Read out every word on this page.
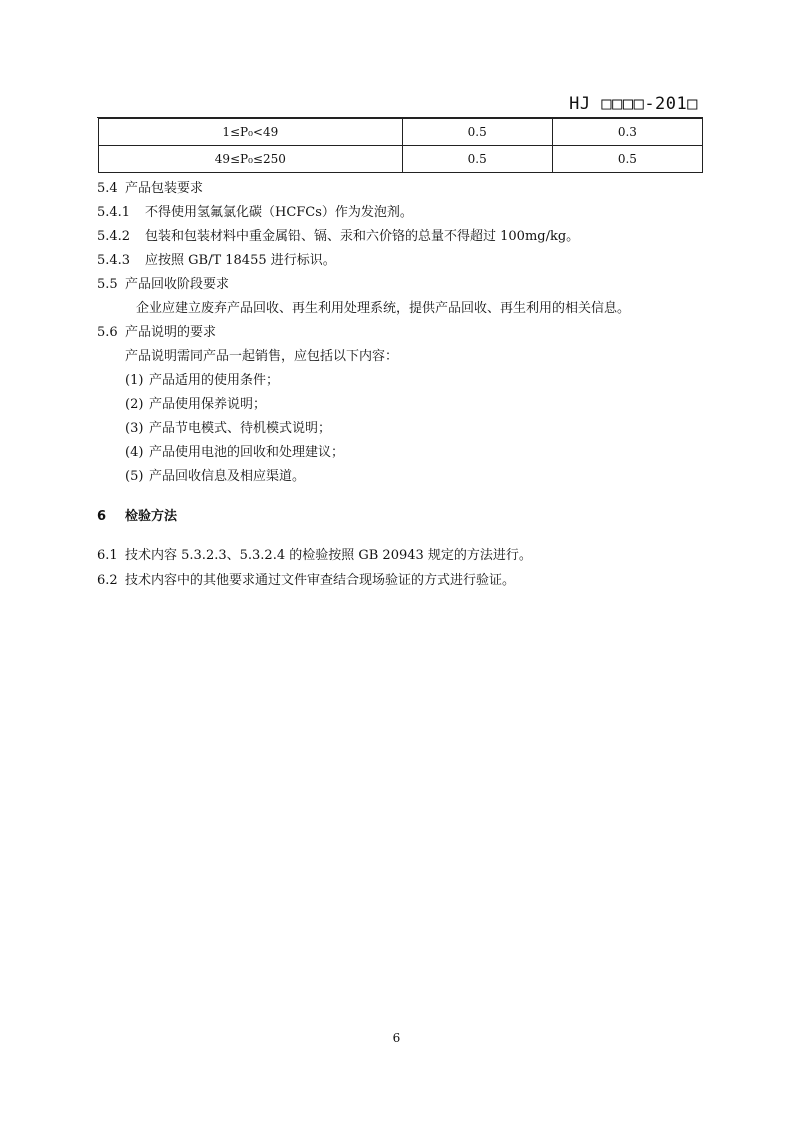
HJ □□□□-201□
1≤P₀<49	0.5	0.3
49≤P₀≤250	0.5	0.5
5.4 产品包装要求
5.4.1 不得使用氢氟氯化碳（HCFCs）作为发泡剂。
5.4.2 包装和包装材料中重金属铅、镉、汞和六价铬的总量不得超过 100mg/kg。
5.4.3 应按照 GB/T 18455 进行标识。
5.5 产品回收阶段要求
企业应建立废弃产品回收、再生利用处理系统，提供产品回收、再生利用的相关信息。
5.6 产品说明的要求
产品说明需同产品一起销售，应包括以下内容：
(1) 产品适用的使用条件；
(2) 产品使用保养说明；
(3) 产品节电模式、待机模式说明；
(4) 产品使用电池的回收和处理建议；
(5) 产品回收信息及相应渠道。
6 检验方法
6.1 技术内容 5.3.2.3、5.3.2.4 的检验按照 GB 20943 规定的方法进行。
6.2 技术内容中的其他要求通过文件审查结合现场验证的方式进行验证。
6
